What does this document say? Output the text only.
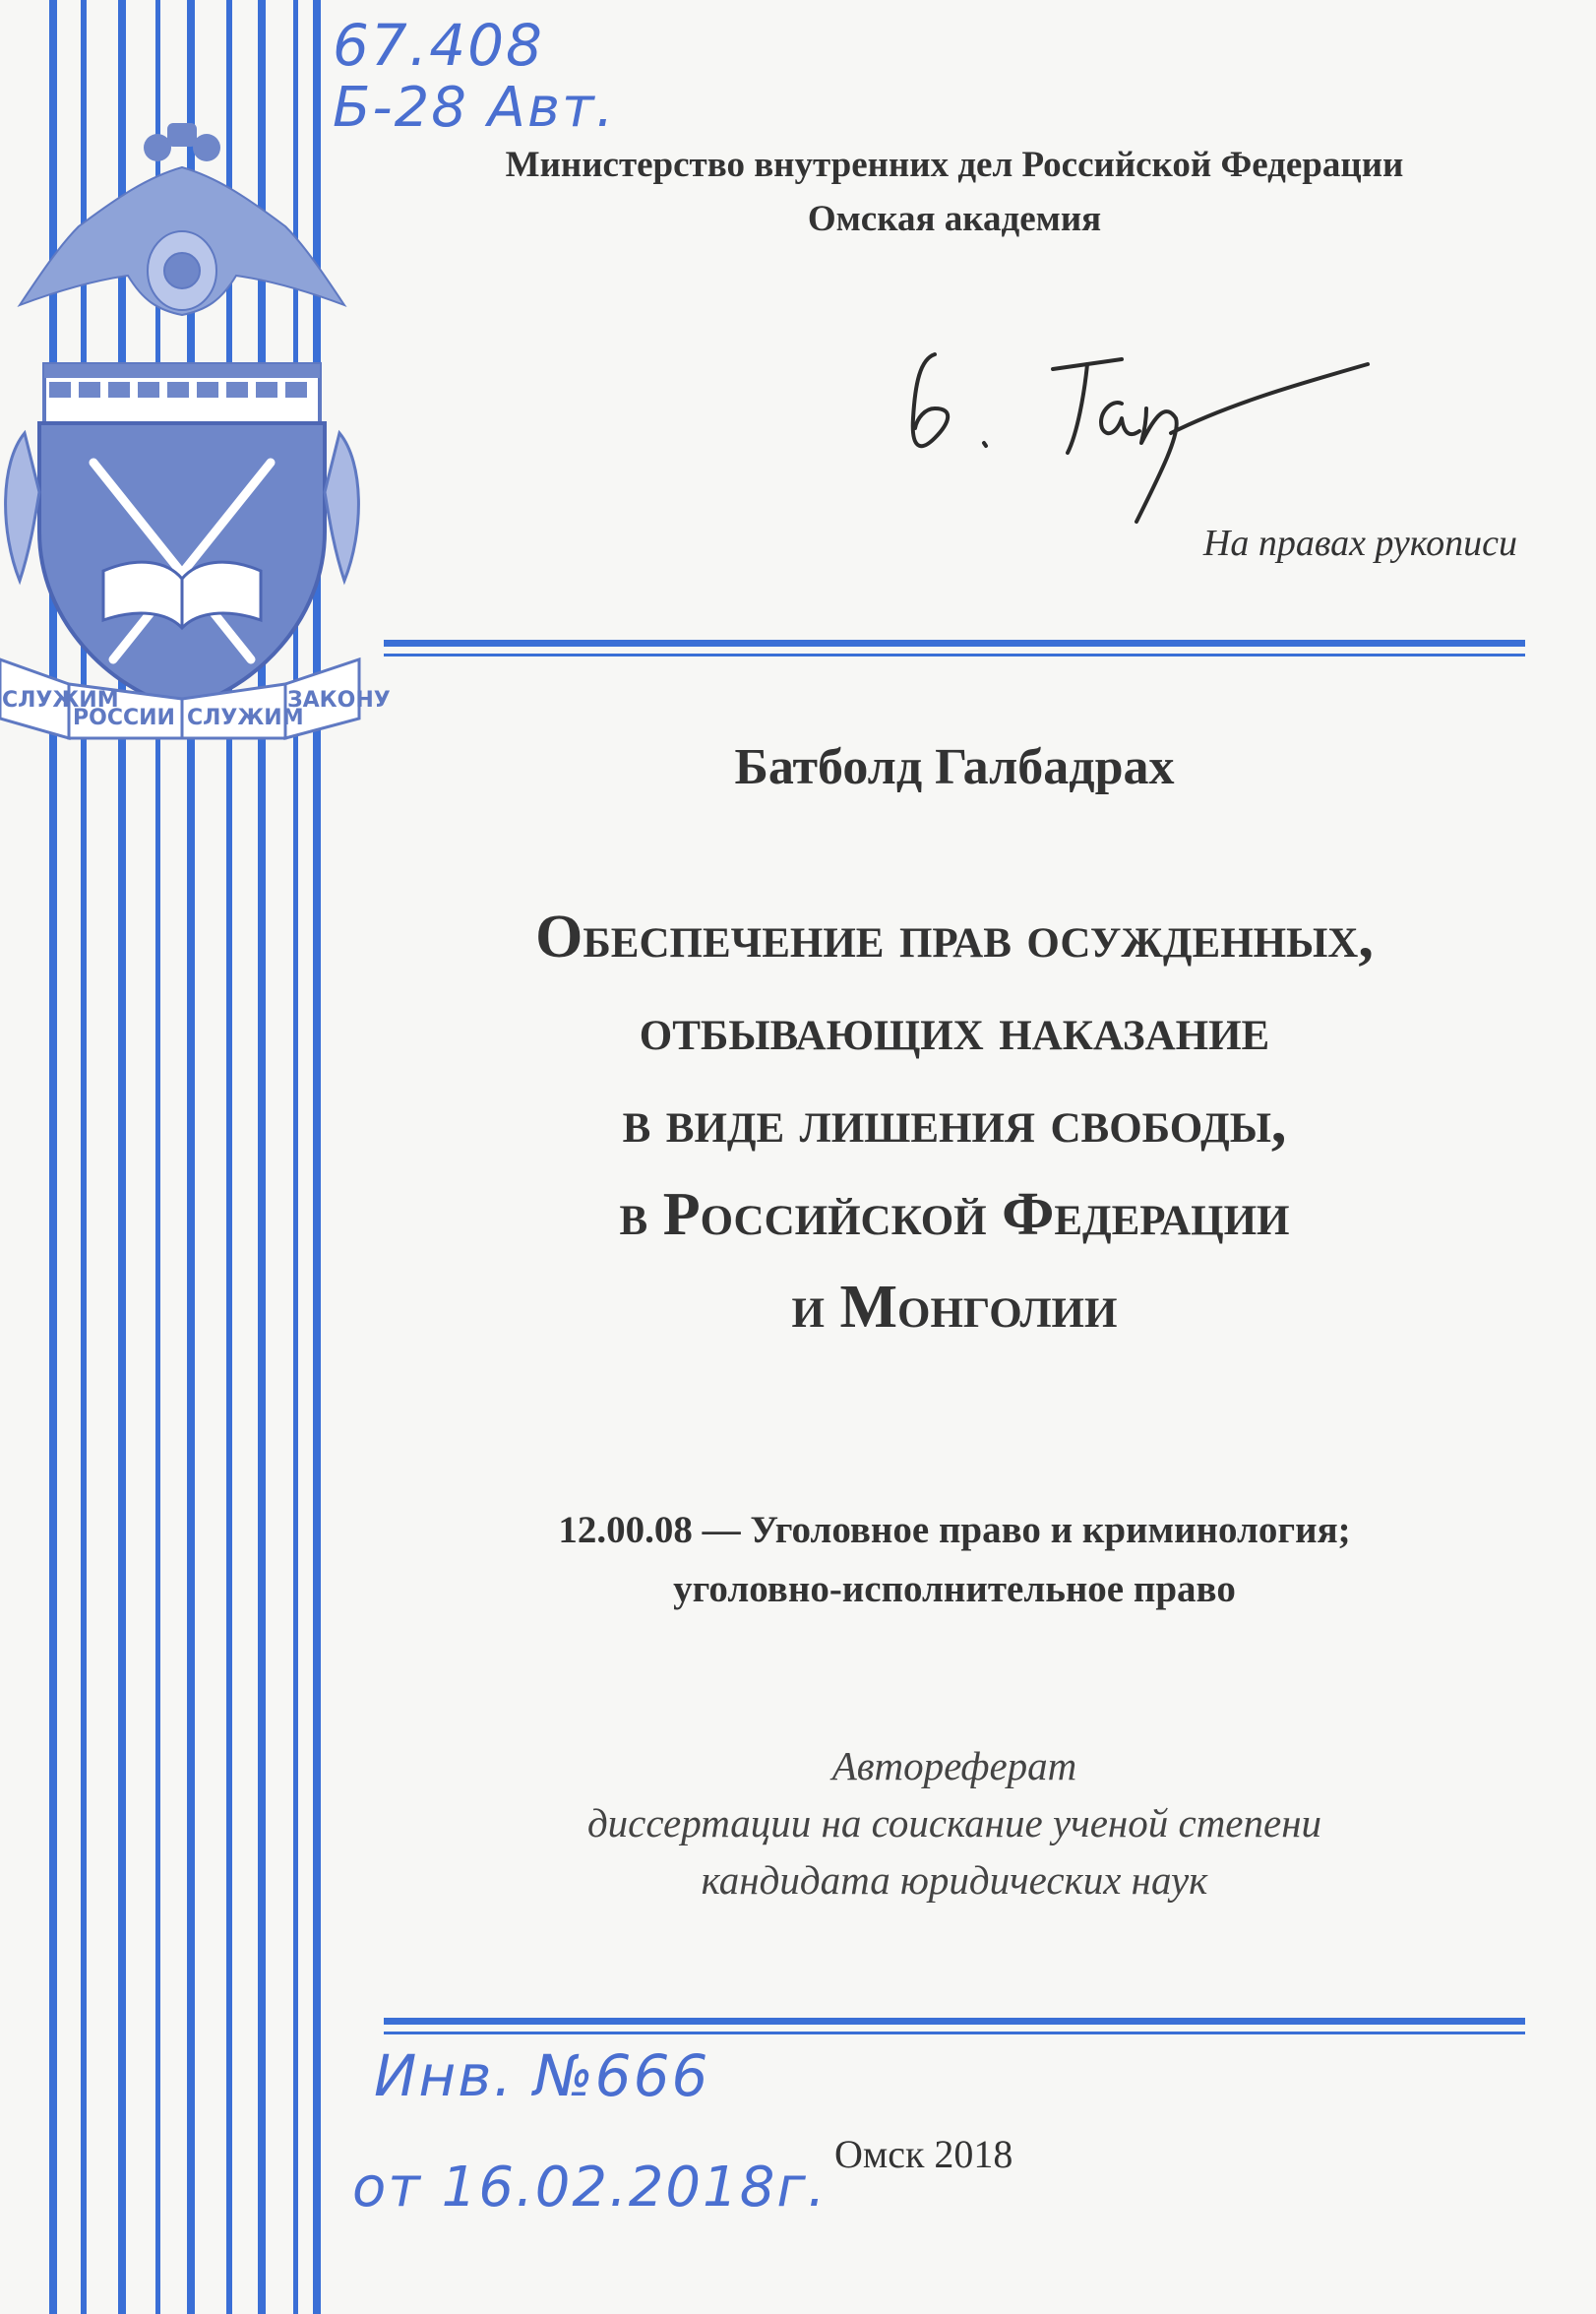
СЛУЖИМ
РОССИИ СЛУЖИМ
ЗАКОНУ
67.408
Б-28 Авт.
Министерство внутренних дел Российской Федерации
Омская академия
На правах рукописи
Батболд Галбадрах
Обеспечение прав осужденных,
отбывающих наказание
в виде лишения свободы,
в Российской Федерации
и Монголии
12.00.08 — Уголовное право и криминология;
уголовно-исполнительное право
Автореферат
диссертации на соискание ученой степени
кандидата юридических наук
Инв. №666
от 16.02.2018г.
Омск 2018
